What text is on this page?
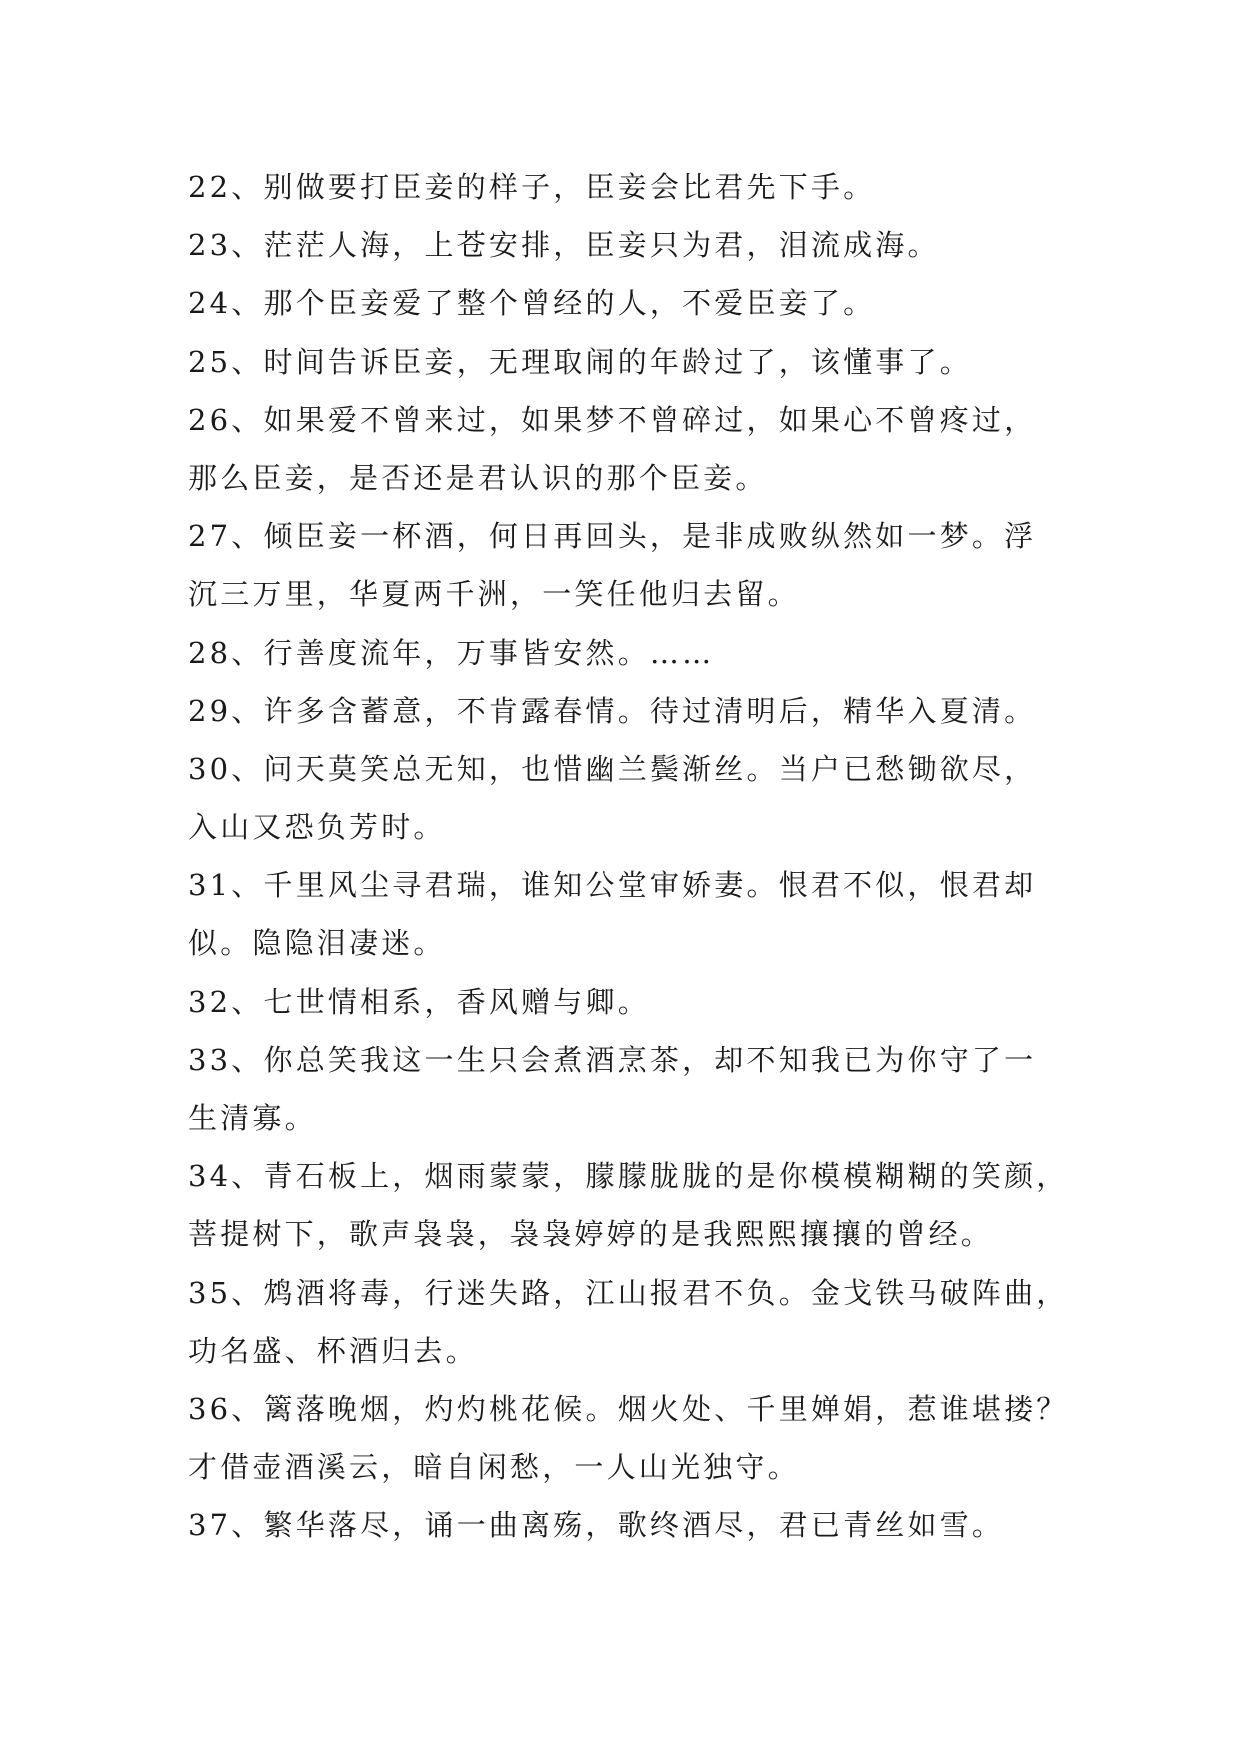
22、别做要打臣妾的样子，臣妾会比君先下手。

23、茫茫人海，上苍安排，臣妾只为君，泪流成海。

24、那个臣妾爱了整个曾经的人，不爱臣妾了。

25、时间告诉臣妾，无理取闹的年龄过了，该懂事了。

26、如果爱不曾来过，如果梦不曾碎过，如果心不曾疼过，

那么臣妾，是否还是君认识的那个臣妾。

27、倾臣妾一杯酒，何日再回头，是非成败纵然如一梦。浮

沉三万里，华夏两千洲，一笑任他归去留。

28、行善度流年，万事皆安然。……

29、许多含蓄意，不肯露春情。待过清明后，精华入夏清。

30、问天莫笑总无知，也惜幽兰鬓渐丝。当户已愁锄欲尽，

入山又恐负芳时。

31、千里风尘寻君瑞，谁知公堂审娇妻。恨君不似，恨君却

似。隐隐泪凄迷。

32、七世情相系，香风赠与卿。

33、你总笑我这一生只会煮酒烹茶，却不知我已为你守了一

生清寡。

34、青石板上，烟雨蒙蒙，朦朦胧胧的是你模模糊糊的笑颜，

菩提树下，歌声袅袅，袅袅婷婷的是我熙熙攘攘的曾经。

35、鸩酒将毒，行迷失路，江山报君不负。金戈铁马破阵曲，

功名盛、杯酒归去。

36、篱落晚烟，灼灼桃花候。烟火处、千里婵娟，惹谁堪搂？

才借壶酒溪云，暗自闲愁，一人山光独守。

37、繁华落尽，诵一曲离殇，歌终酒尽，君已青丝如雪。
